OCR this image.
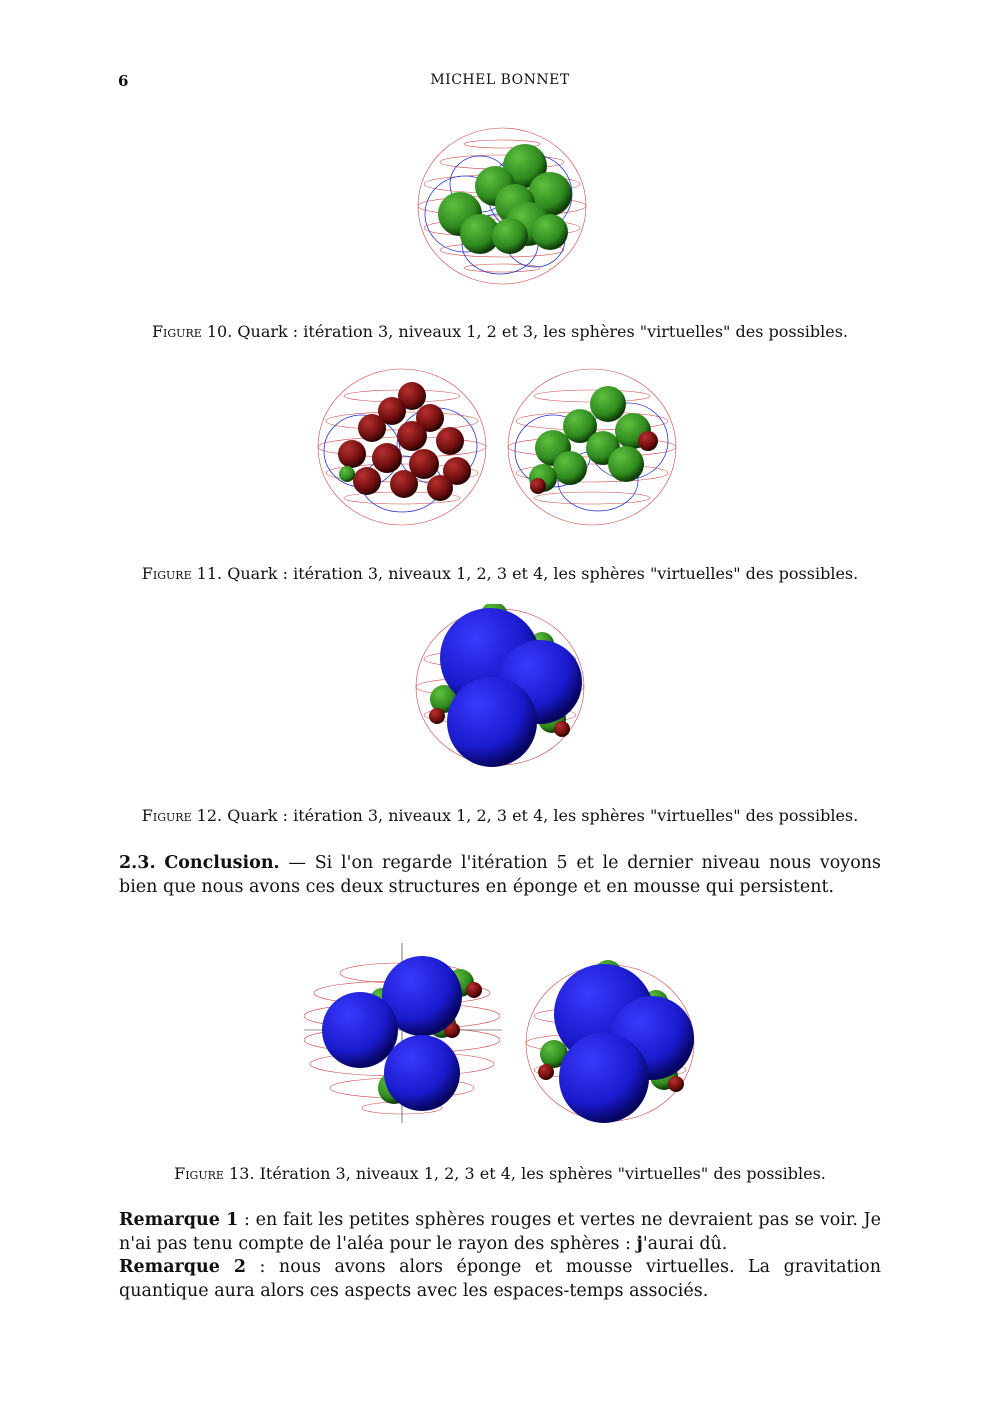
6	MICHEL BONNET
Figure 10. Quark : itération 3, niveaux 1, 2 et 3, les sphères "virtuelles" des possibles.
Figure 11. Quark : itération 3, niveaux 1, 2, 3 et 4, les sphères "virtuelles" des possibles.
Figure 12. Quark : itération 3, niveaux 1, 2, 3 et 4, les sphères "virtuelles" des possibles.
2.3. Conclusion. — Si l'on regarde l'itération 5 et le dernier niveau nous voyons bien que nous avons ces deux structures en éponge et en mousse qui persistent.
Figure 13. Itération 3, niveaux 1, 2, 3 et 4, les sphères "virtuelles" des possibles.
Remarque 1 : en fait les petites sphères rouges et vertes ne devraient pas se voir. Je n'ai pas tenu compte de l'aléa pour le rayon des sphères : j'aurai dû.
Remarque 2 : nous avons alors éponge et mousse virtuelles. La gravitation quantique aura alors ces aspects avec les espaces-temps associés.
